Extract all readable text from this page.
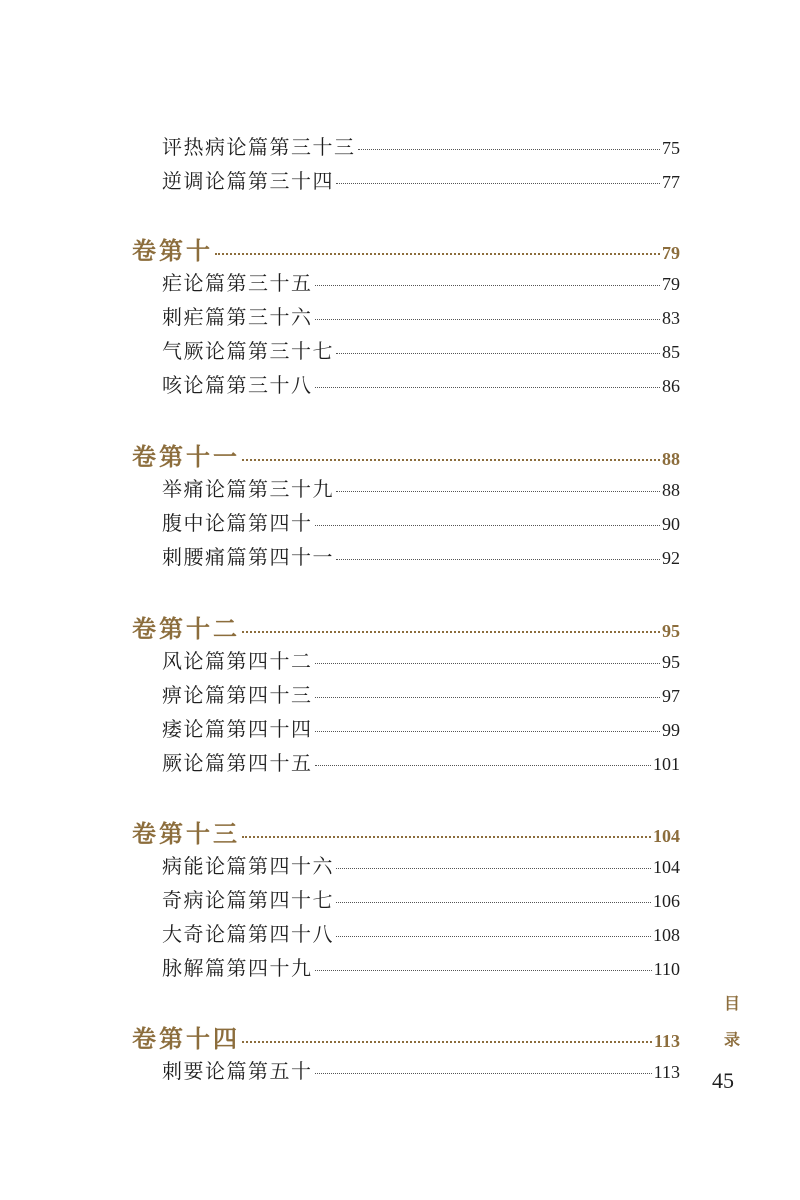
评热病论篇第三十三	75
逆调论篇第三十四	77
卷第十	79
疟论篇第三十五	79
刺疟篇第三十六	83
气厥论篇第三十七	85
咳论篇第三十八	86
卷第十一	88
举痛论篇第三十九	88
腹中论篇第四十	90
刺腰痛篇第四十一	92
卷第十二	95
风论篇第四十二	95
痹论篇第四十三	97
痿论篇第四十四	99
厥论篇第四十五	101
卷第十三	104
病能论篇第四十六	104
奇病论篇第四十七	106
大奇论篇第四十八	108
脉解篇第四十九	110
卷第十四	113
刺要论篇第五十	113
目
录
45
